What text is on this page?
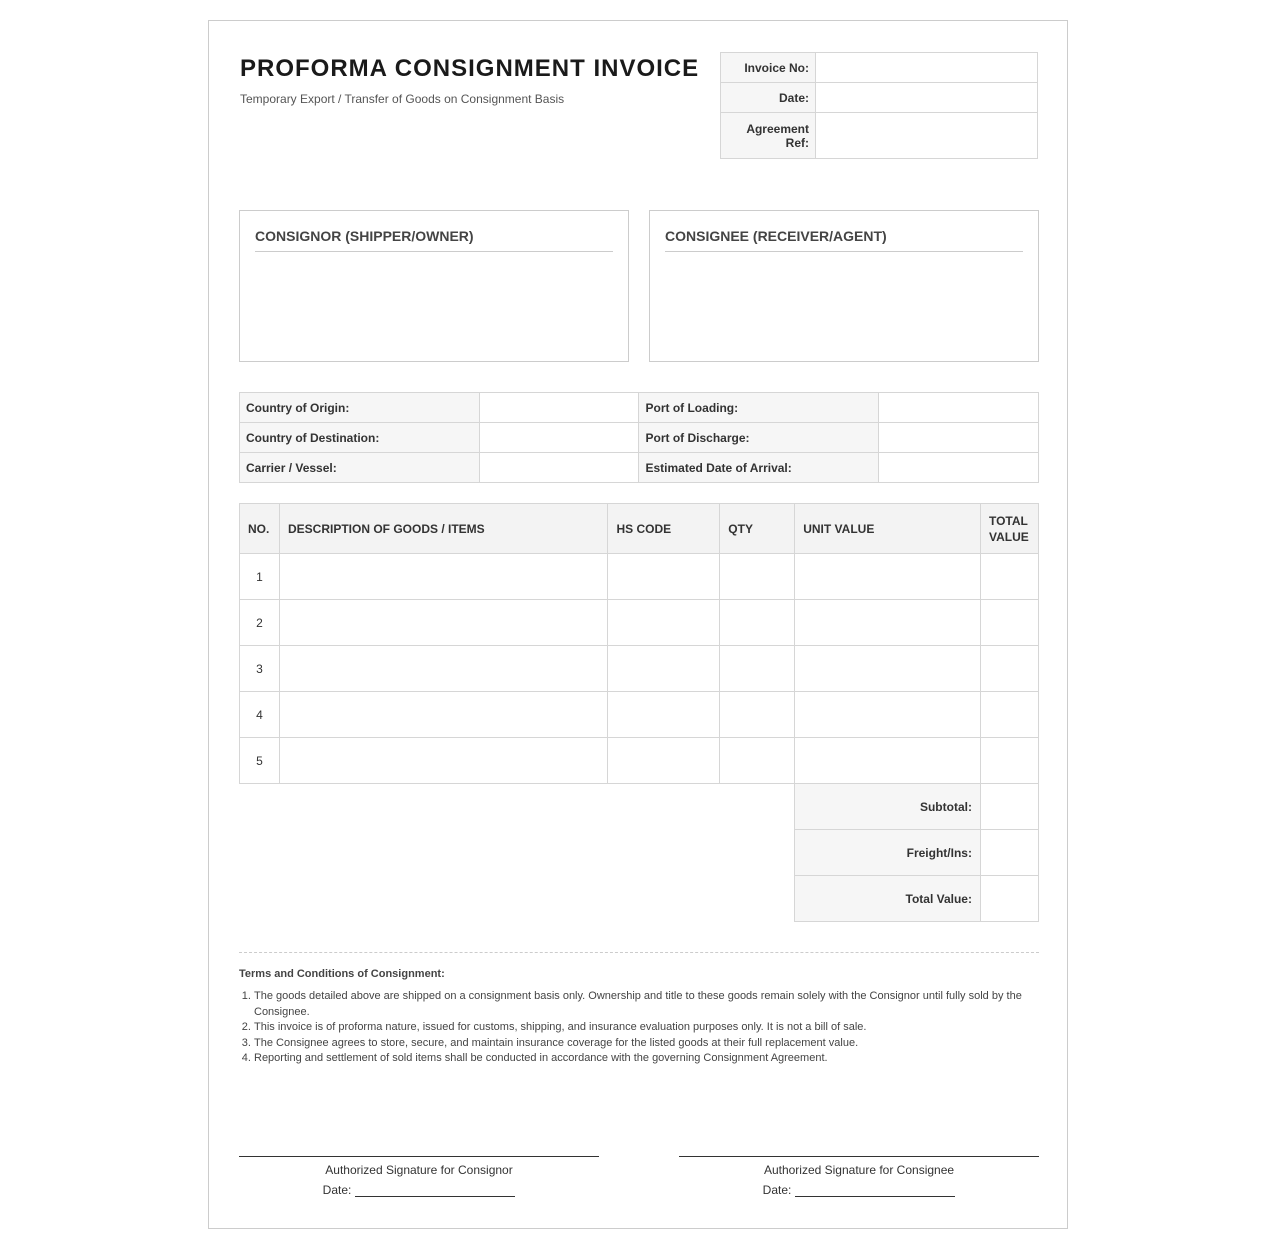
PROFORMA CONSIGNMENT INVOICE
Temporary Export / Transfer of Goods on Consignment Basis
Invoice No:	
Date:	
Agreement Ref:	
CONSIGNOR (SHIPPER/OWNER)	CONSIGNEE (RECEIVER/AGENT)
Country of Origin:		Port of Loading:	
Country of Destination:		Port of Discharge:	
Carrier / Vessel:		Estimated Date of Arrival:	
NO.	DESCRIPTION OF GOODS / ITEMS	HS CODE	QTY	UNIT VALUE	TOTAL VALUE
1					
2					
3					
4					
5					
				Subtotal:	
				Freight/Ins:	
				Total Value:	
Terms and Conditions of Consignment:
1. The goods detailed above are shipped on a consignment basis only. Ownership and title to these goods remain solely with the Consignor until fully sold by the Consignee.
2. This invoice is of proforma nature, issued for customs, shipping, and insurance evaluation purposes only. It is not a bill of sale.
3. The Consignee agrees to store, secure, and maintain insurance coverage for the listed goods at their full replacement value.
4. Reporting and settlement of sold items shall be conducted in accordance with the governing Consignment Agreement.
Authorized Signature for Consignor
Date:
Authorized Signature for Consignee
Date:
